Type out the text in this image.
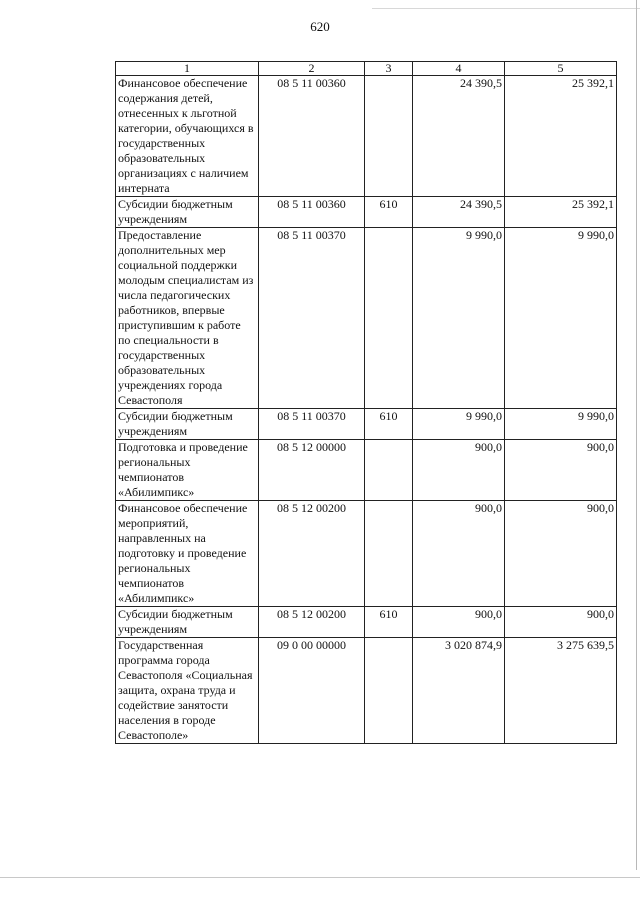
620
1	2	3	4	5
Финансовое обеспечение содержания детей, отнесенных к льготной категории, обучающихся в государственных образовательных организациях с наличием интерната	08 5 11 00360		24 390,5	25 392,1
Субсидии бюджетным учреждениям	08 5 11 00360	610	24 390,5	25 392,1
Предоставление дополнительных мер социальной поддержки молодым специалистам из числа педагогических работников, впервые приступившим к работе по специальности в государственных образовательных учреждениях города Севастополя	08 5 11 00370		9 990,0	9 990,0
Субсидии бюджетным учреждениям	08 5 11 00370	610	9 990,0	9 990,0
Подготовка и проведение региональных чемпионатов «Абилимпикс»	08 5 12 00000		900,0	900,0
Финансовое обеспечение мероприятий, направленных на подготовку и проведение региональных чемпионатов «Абилимпикс»	08 5 12 00200		900,0	900,0
Субсидии бюджетным учреждениям	08 5 12 00200	610	900,0	900,0
Государственная программа города Севастополя «Социальная защита, охрана труда и содействие занятости населения в городе Севастополе»	09 0 00 00000		3 020 874,9	3 275 639,5
